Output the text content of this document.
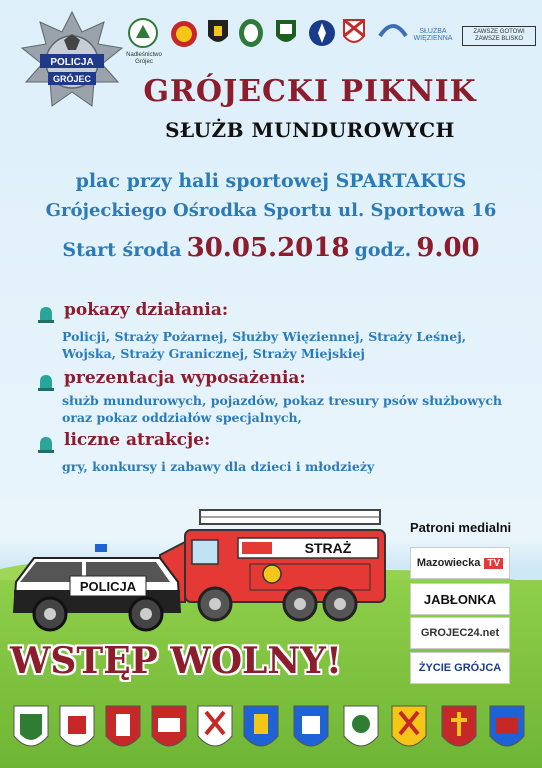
POLICJA
GRÓJEC
Nadleśnictwo Grójec
SŁUŻBA WIĘZIENNA
ZAWSZE GOTOWI ZAWSZE BLISKO
GRÓJECKI PIKNIK
SŁUŻB MUNDUROWYCH
plac przy hali sportowej SPARTAKUS
Grójeckiego Ośrodka Sportu ul. Sportowa 16
Start środa 30.05.2018 godz. 9.00
pokazy działania:
Policji, Straży Pożarnej, Służby Więziennej, Straży Leśnej,
Wojska, Straży Granicznej, Straży Miejskiej
prezentacja wyposażenia:
służb mundurowych, pojazdów, pokaz tresury psów służbowych
oraz pokaz oddziałów specjalnych,
liczne atrakcje:
gry, konkursy i zabawy dla dzieci i młodzieży
STRAŻ
POLICJA
Patroni medialni
Mazowiecka TV
JABŁONKA
GROJEC24.net
ŻYCIE GRÓJCA
WSTĘP WOLNY!
